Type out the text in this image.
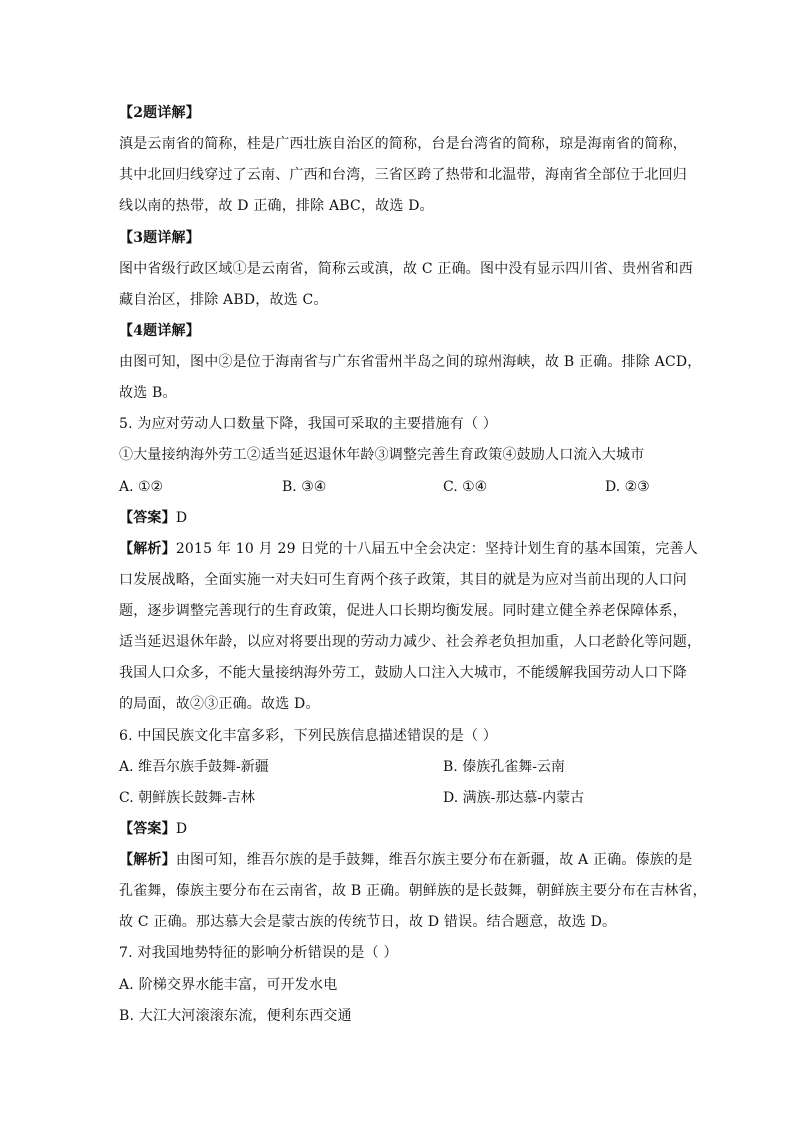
【2题详解】
滇是云南省的简称，桂是广西壮族自治区的简称，台是台湾省的简称，琼是海南省的简称，
其中北回归线穿过了云南、广西和台湾，三省区跨了热带和北温带，海南省全部位于北回归
线以南的热带，故 D 正确，排除 ABC，故选 D。
【3题详解】
图中省级行政区域①是云南省，简称云或滇，故 C 正确。图中没有显示四川省、贵州省和西
藏自治区，排除 ABD，故选 C。
【4题详解】
由图可知，图中②是位于海南省与广东省雷州半岛之间的琼州海峡，故 B 正确。排除 ACD，
故选 B。
5. 为应对劳动人口数量下降，我国可采取的主要措施有（ ）
①大量接纳海外劳工②适当延迟退休年龄③调整完善生育政策④鼓励人口流入大城市
A. ①②	B. ③④	C. ①④	D. ②③
【答案】D
【解析】2015 年 10 月 29 日党的十八届五中全会决定：坚持计划生育的基本国策，完善人
口发展战略，全面实施一对夫妇可生育两个孩子政策，其目的就是为应对当前出现的人口问
题，逐步调整完善现行的生育政策，促进人口长期均衡发展。同时建立健全养老保障体系，
适当延迟退休年龄，以应对将要出现的劳动力减少、社会养老负担加重，人口老龄化等问题，
我国人口众多，不能大量接纳海外劳工，鼓励人口注入大城市，不能缓解我国劳动人口下降
的局面，故②③正确。故选 D。
6. 中国民族文化丰富多彩，下列民族信息描述错误的是（ ）
A. 维吾尔族手鼓舞-新疆	B. 傣族孔雀舞-云南
C. 朝鲜族长鼓舞-吉林	D. 满族-那达慕-内蒙古
【答案】D
【解析】由图可知，维吾尔族的是手鼓舞，维吾尔族主要分布在新疆，故 A 正确。傣族的是
孔雀舞，傣族主要分布在云南省，故 B 正确。朝鲜族的是长鼓舞，朝鲜族主要分布在吉林省，
故 C 正确。那达慕大会是蒙古族的传统节日，故 D 错误。结合题意，故选 D。
7. 对我国地势特征的影响分析错误的是（ ）
A. 阶梯交界水能丰富，可开发水电
B. 大江大河滚滚东流，便利东西交通
